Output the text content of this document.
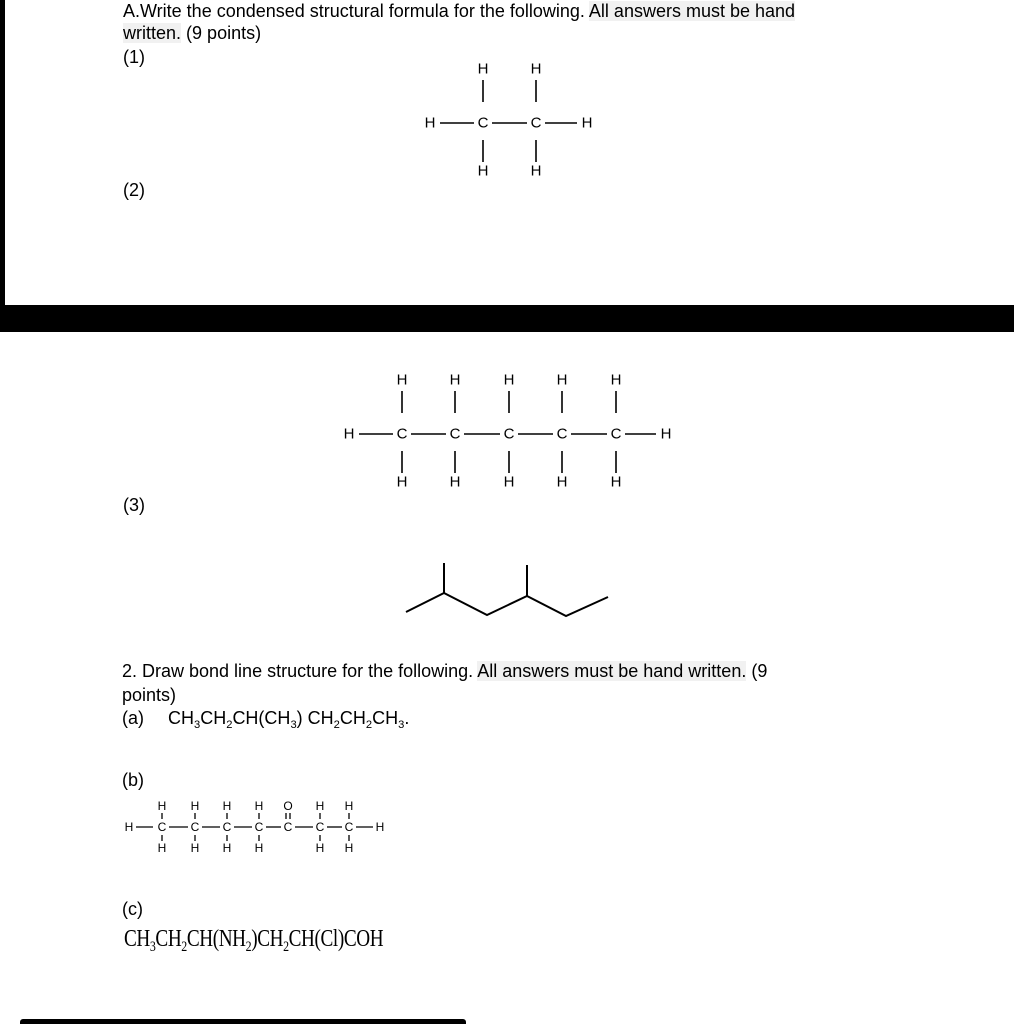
A.Write the condensed structural formula for the following. All answers must be hand
written. (9 points)
(1)
(2)
(3)
2. Draw bond line structure for the following. All answers must be hand written. (9
points)
(a) $CH_3CH_2CH(CH_3)$ $CH_2CH_2CH_3$.
(b)
(c)
$CH_3CH_2CH(NH_2)CH_2CH(Cl)COH$
C
H
H
C
H
H
H	H
C
H
H
C
H
H
C
H
H
C
H
H
C
H
H
H	H
C
H
H
C
H
H
C
H
H
C
H
H
C
O
C
H
H
C
H
H
H	H
